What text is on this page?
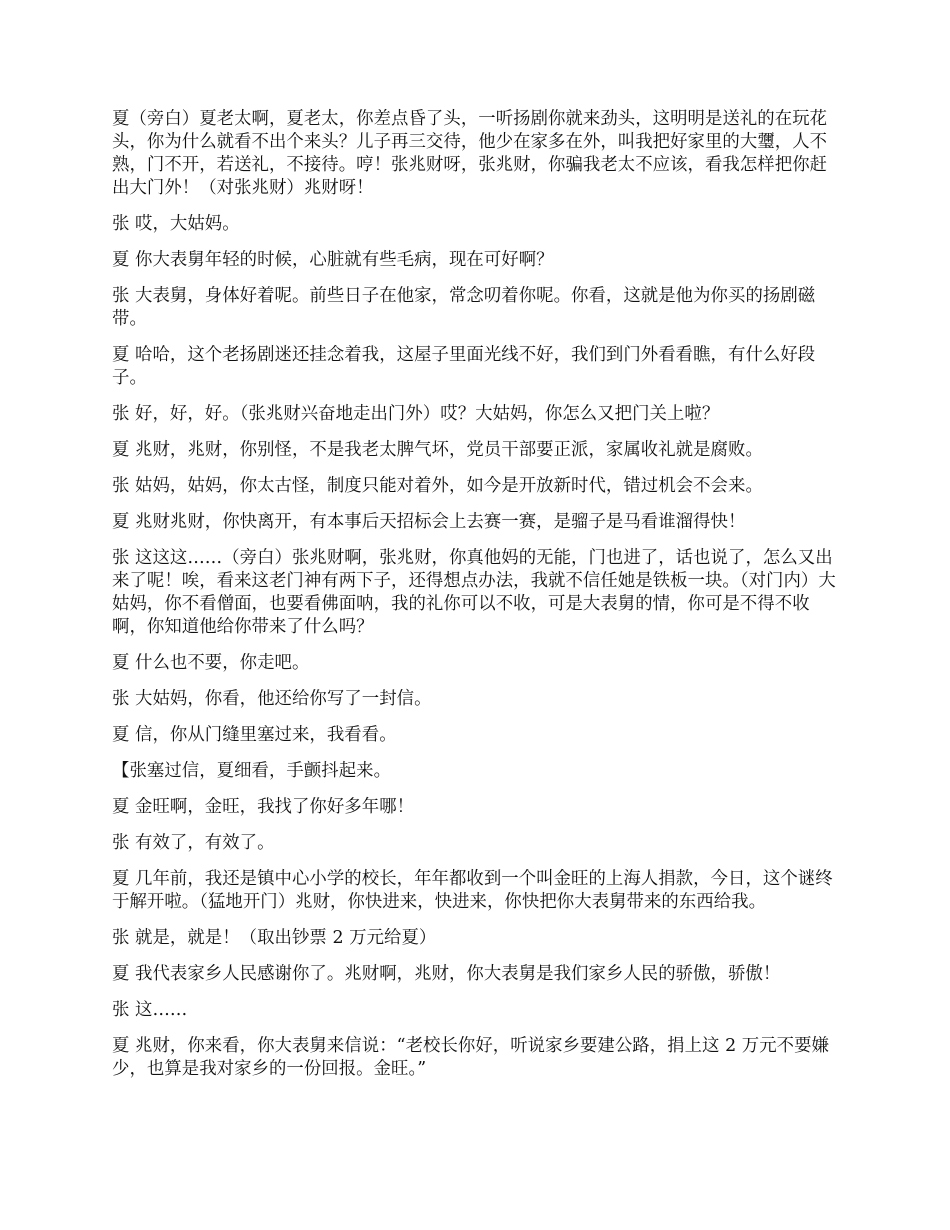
夏（旁白）夏老太啊，夏老太，你差点昏了头，一听扬剧你就来劲头，这明明是送礼的在玩花头，你为什么就看不出个来头？儿子再三交待，他少在家多在外，叫我把好家里的大瓕，人不熟，门不开，若送礼，不接待。哼！张兆财呀，张兆财，你骗我老太不应该，看我怎样把你赶出大门外！（对张兆财）兆财呀！

张 哎，大姑妈。

夏 你大表舅年轻的时候，心脏就有些毛病，现在可好啊？

张 大表舅，身体好着呢。前些日子在他家，常念叨着你呢。你看，这就是他为你买的扬剧磁带。

夏 哈哈，这个老扬剧迷还挂念着我，这屋子里面光线不好，我们到门外看看瞧，有什么好段子。

张 好，好，好。（张兆财兴奋地走出门外）哎？大姑妈，你怎么又把门关上啦？

夏 兆财，兆财，你别怪，不是我老太脾气坏，党员干部要正派，家属收礼就是腐败。

张 姑妈，姑妈，你太古怪，制度只能对着外，如今是开放新时代，错过机会不会来。

夏 兆财兆财，你快离开，有本事后天招标会上去赛一赛，是骝子是马看谁溜得快！

张 这这这……（旁白）张兆财啊，张兆财，你真他妈的无能，门也进了，话也说了，怎么又出来了呢！唉，看来这老门神有两下子，还得想点办法，我就不信任她是铁板一块。（对门内）大姑妈，你不看僧面，也要看佛面呐，我的礼你可以不收，可是大表舅的情，你可是不得不收啊，你知道他给你带来了什么吗？

夏 什么也不要，你走吧。

张 大姑妈，你看，他还给你写了一封信。

夏 信，你从门缝里塞过来，我看看。

【张塞过信，夏细看，手颤抖起来。

夏 金旺啊，金旺，我找了你好多年哪！

张 有效了，有效了。

夏 几年前，我还是镇中心小学的校长，年年都收到一个叫金旺的上海人捐款，今日，这个谜终于解开啦。（猛地开门）兆财，你快进来，快进来，你快把你大表舅带来的东西给我。

张 就是，就是！（取出钞票 2 万元给夏）

夏 我代表家乡人民感谢你了。兆财啊，兆财，你大表舅是我们家乡人民的骄傲，骄傲！

张 这……

夏 兆财，你来看，你大表舅来信说：“老校长你好，听说家乡要建公路，捐上这 2 万元不要嫌少，也算是我对家乡的一份回报。金旺。”
